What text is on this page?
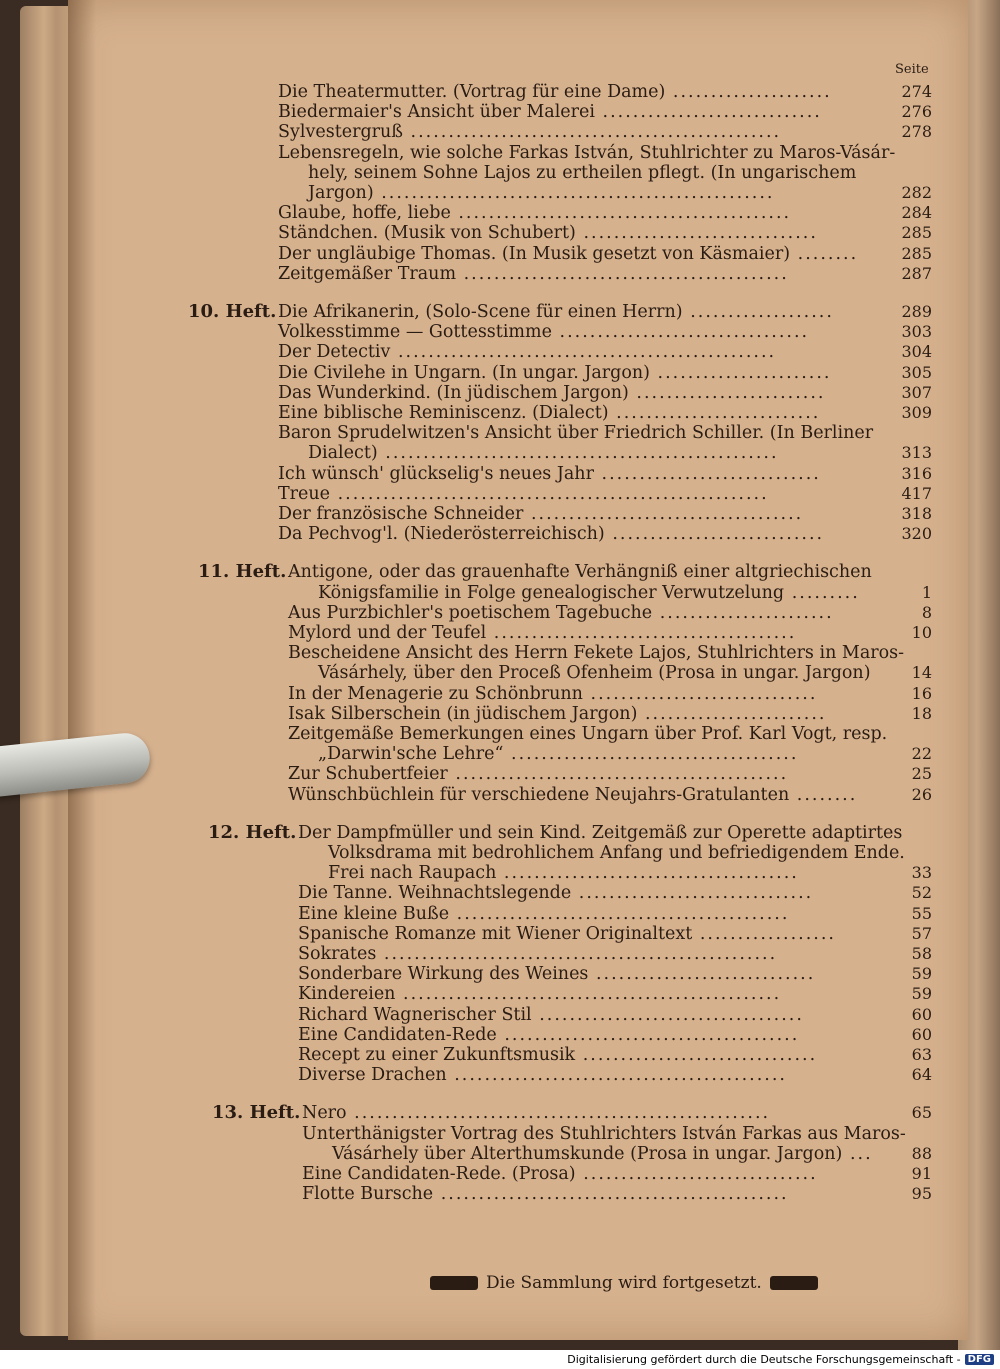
Seite
Die Theatermutter. (Vortrag für eine Dame) .....................	274
Biedermaier's Ansicht über Malerei .............................	276
Sylvestergruß .................................................	278
Lebensregeln, wie solche Farkas István, Stuhlrichter zu Maros-Vásár-
hely, seinem Sohne Lajos zu ertheilen pflegt. (In ungarischem
Jargon) ....................................................	282
Glaube, hoffe, liebe ............................................	284
Ständchen. (Musik von Schubert) ...............................	285
Der ungläubige Thomas. (In Musik gesetzt von Käsmaier) ........	285
Zeitgemäßer Traum ...........................................	287
10. Heft. Die Afrikanerin, (Solo-Scene für einen Herrn) ...................	289
Volkesstimme — Gottesstimme .................................	303
Der Detectiv ..................................................	304
Die Civilehe in Ungarn. (In ungar. Jargon) .......................	305
Das Wunderkind. (In jüdischem Jargon) .........................	307
Eine biblische Reminiscenz. (Dialect) ...........................	309
Baron Sprudelwitzen's Ansicht über Friedrich Schiller. (In Berliner
Dialect) ....................................................	313
Ich wünsch' glückselig's neues Jahr .............................	316
Treue .........................................................	417
Der französische Schneider ....................................	318
Da Pechvog'l. (Niederösterreichisch) ............................	320
11. Heft. Antigone, oder das grauenhafte Verhängniß einer altgriechischen
Königsfamilie in Folge genealogischer Verwutzelung .........	1
Aus Purzbichler's poetischem Tagebuche .......................	8
Mylord und der Teufel ........................................	10
Bescheidene Ansicht des Herrn Fekete Lajos, Stuhlrichters in Maros-
Vásárhely, über den Proceß Ofenheim (Prosa in ungar. Jargon)	14
In der Menagerie zu Schönbrunn ..............................	16
Isak Silberschein (in jüdischem Jargon) ........................	18
Zeitgemäße Bemerkungen eines Ungarn über Prof. Karl Vogt, resp.
„Darwin'sche Lehre“ ......................................	22
Zur Schubertfeier ............................................	25
Wünschbüchlein für verschiedene Neujahrs-Gratulanten ........	26
12. Heft. Der Dampfmüller und sein Kind. Zeitgemäß zur Operette adaptirtes
Volksdrama mit bedrohlichem Anfang und befriedigendem Ende.
Frei nach Raupach .......................................	33
Die Tanne. Weihnachtslegende ...............................	52
Eine kleine Buße ............................................	55
Spanische Romanze mit Wiener Originaltext ..................	57
Sokrates ....................................................	58
Sonderbare Wirkung des Weines .............................	59
Kindereien ..................................................	59
Richard Wagnerischer Stil ...................................	60
Eine Candidaten-Rede .......................................	60
Recept zu einer Zukunftsmusik ...............................	63
Diverse Drachen ............................................	64
13. Heft. Nero .......................................................	65
Unterthänigster Vortrag des Stuhlrichters István Farkas aus Maros-
Vásárhely über Alterthumskunde (Prosa in ungar. Jargon) ...	88
Eine Candidaten-Rede. (Prosa) ...............................	91
Flotte Bursche ..............................................	95
Die Sammlung wird fortgesetzt.
Digitalisierung gefördert durch die Deutsche Forschungsgemeinschaft - DFG
